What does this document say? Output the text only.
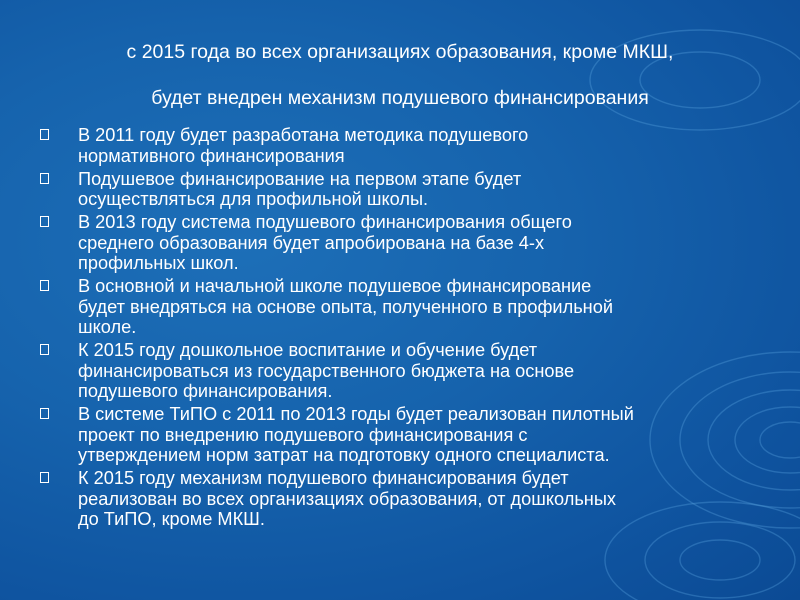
с 2015 года во всех организациях образования, кроме МКШ,
будет внедрен механизм подушевого финансирования
В 2011 году будет разработана методика подушевого
нормативного финансирования
Подушевое финансирование на первом этапе будет
осуществляться для профильной школы.
В 2013 году система подушевого финансирования общего
среднего образования будет апробирована на базе 4-х
профильных школ.
В основной и начальной школе подушевое финансирование
будет внедряться на основе опыта, полученного в профильной
школе.
К 2015 году дошкольное воспитание и обучение будет
финансироваться из государственного бюджета на основе
подушевого финансирования.
В системе ТиПО с 2011 по 2013 годы будет реализован пилотный
проект по внедрению подушевого финансирования с
утверждением норм затрат на подготовку одного специалиста.
К 2015 году механизм подушевого финансирования будет
реализован во всех организациях образования, от дошкольных
до ТиПО, кроме МКШ.
